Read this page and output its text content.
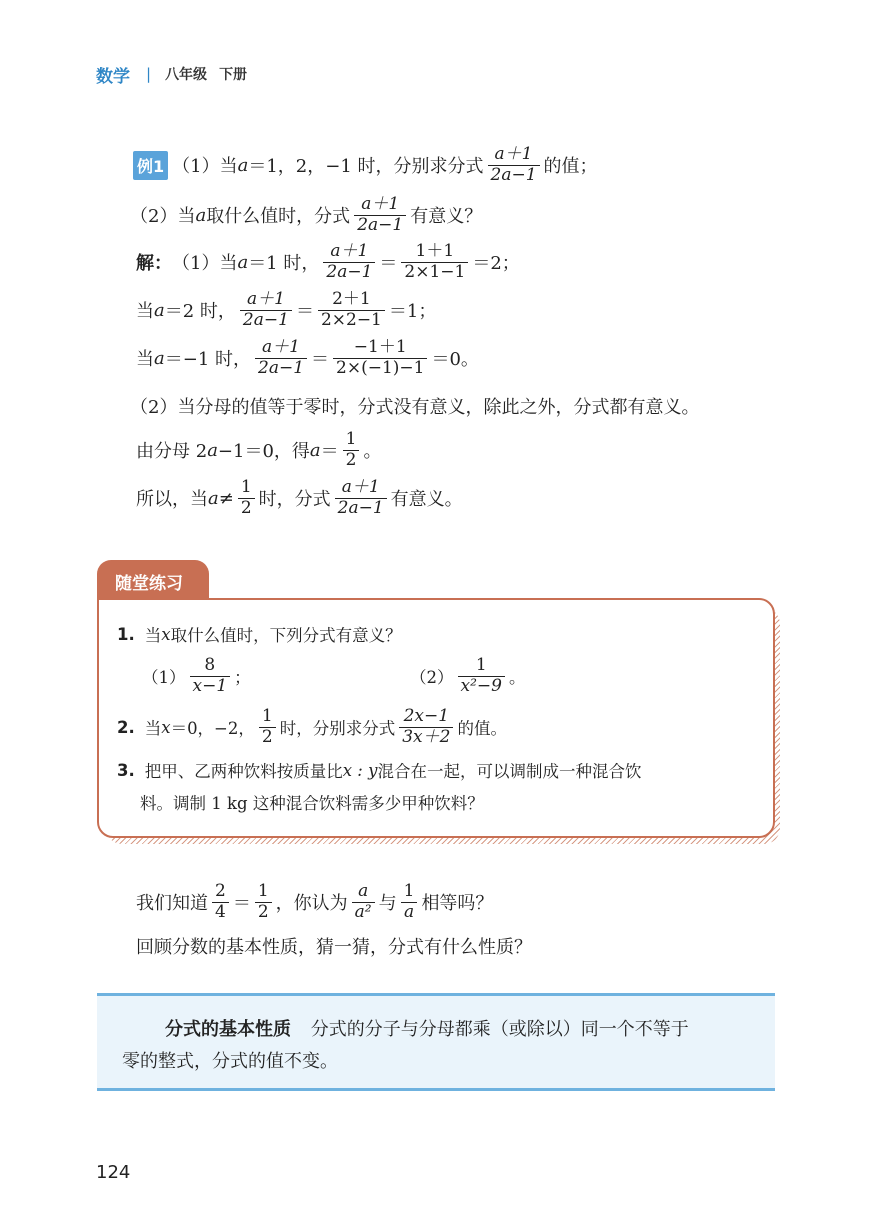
数学 | 八年级 下册
例1 （1）当 a ＝1，2，−1 时，分别求分式 $\frac{a+1}{2a-1}$ 的值；
（2）当 a 取什么值时，分式 $\frac{a+1}{2a-1}$ 有意义？
解： （1）当 a ＝1 时， $\frac{a+1}{2a-1} = \frac{1+1}{2\times 1-1} =2$；
当 a ＝2 时， $\frac{a+1}{2a-1} = \frac{2+1}{2\times 2-1} =1$；
当 a ＝−1 时， $\frac{a+1}{2a-1} = \frac{-1+1}{2\times(-1)-1} =0$。
（2）当分母的值等于零时，分式没有意义，除此之外，分式都有意义。
由分母 2 a −1＝0，得 $a = \frac{1}{2}$ 。
所以，当 $a \ne \frac{1}{2}$ 时，分式 $\frac{a+1}{2a-1}$ 有意义。
随堂练习
1. 当 x 取什么值时，下列分式有意义？
$(1) \frac{8}{x-1}$ ；	$(2) \frac{1}{\text{x²−9}}$ 。
2. 当 x ＝0，−2， $\frac{1}{2}$ 时，分别求分式 $\frac{2x-1}{3x+2}$ 的值。
3. 把甲、乙两种饮料按质量比 x : y 混合在一起，可以调制成一种混合饮
料。调制 1 kg 这种混合饮料需多少甲种饮料？
我们知道 $\frac{2}{4} = \frac{1}{2}$ ，你认为 $\frac{a}{\text{a²}}$ 与 $\frac{1}{a}$ 相等吗？
回顾分数的基本性质，猜一猜，分式有什么性质？
分式的基本性质 分式的分子与分母都乘（或除以）同一个不等于
零的整式，分式的值不变。
124
